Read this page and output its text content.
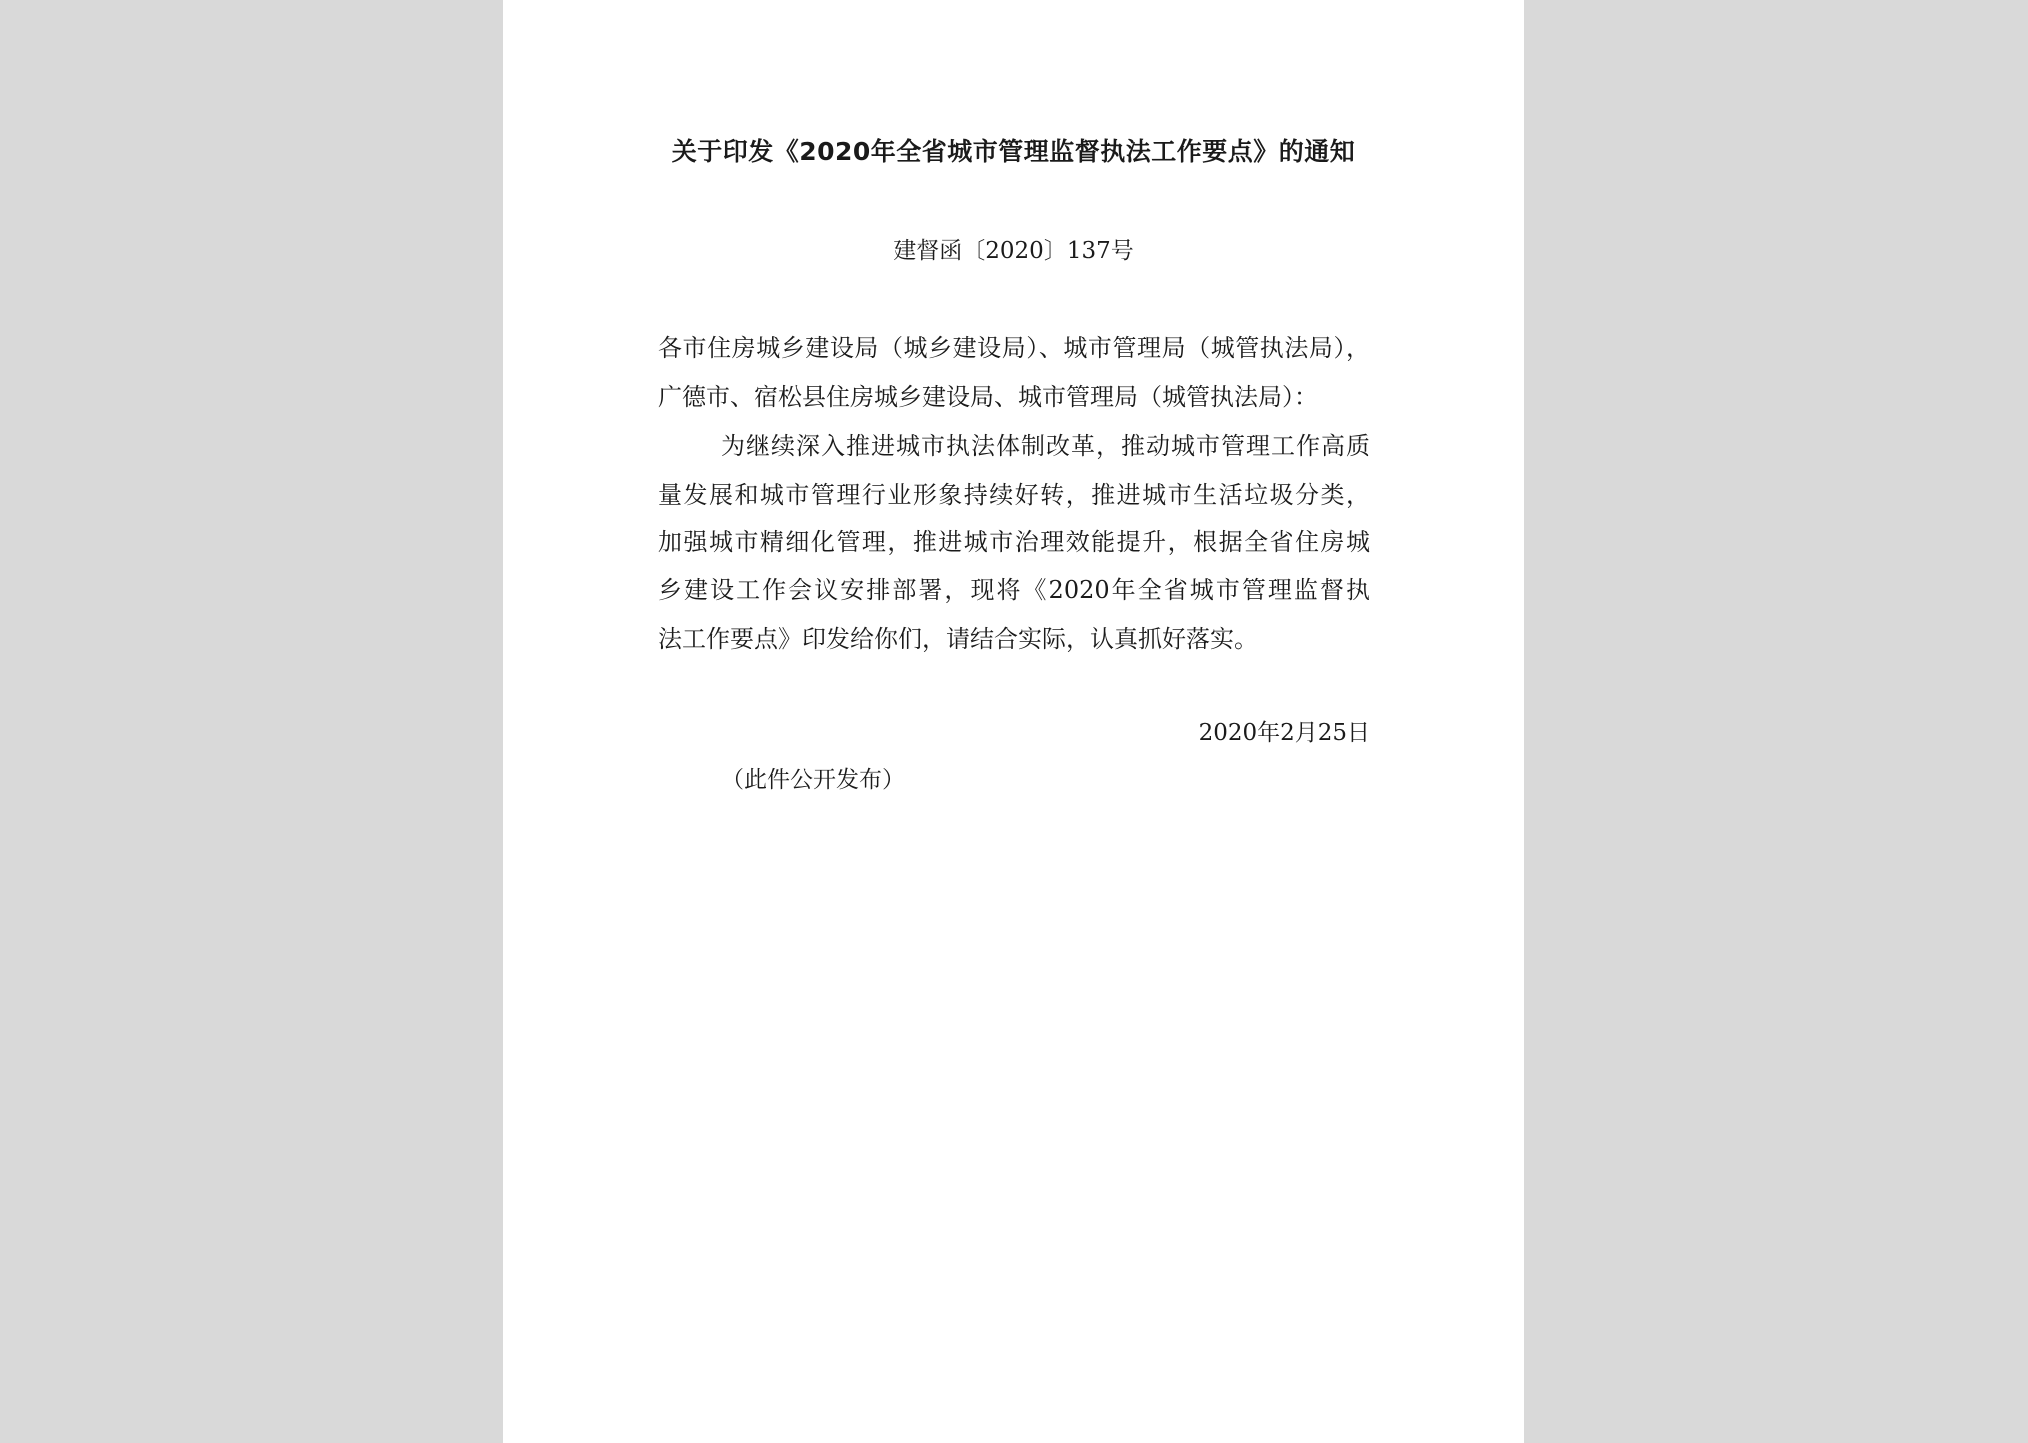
关于印发《2020年全省城市管理监督执法工作要点》的通知
建督函〔2020〕137号
各市住房城乡建设局（城乡建设局）、城市管理局（城管执法局），
广德市、宿松县住房城乡建设局、城市管理局（城管执法局）：
为继续深入推进城市执法体制改革，推动城市管理工作高质
量发展和城市管理行业形象持续好转，推进城市生活垃圾分类，
加强城市精细化管理，推进城市治理效能提升，根据全省住房城
乡建设工作会议安排部署，现将《2020年全省城市管理监督执
法工作要点》印发给你们，请结合实际，认真抓好落实。
2020年2月25日
（此件公开发布）
